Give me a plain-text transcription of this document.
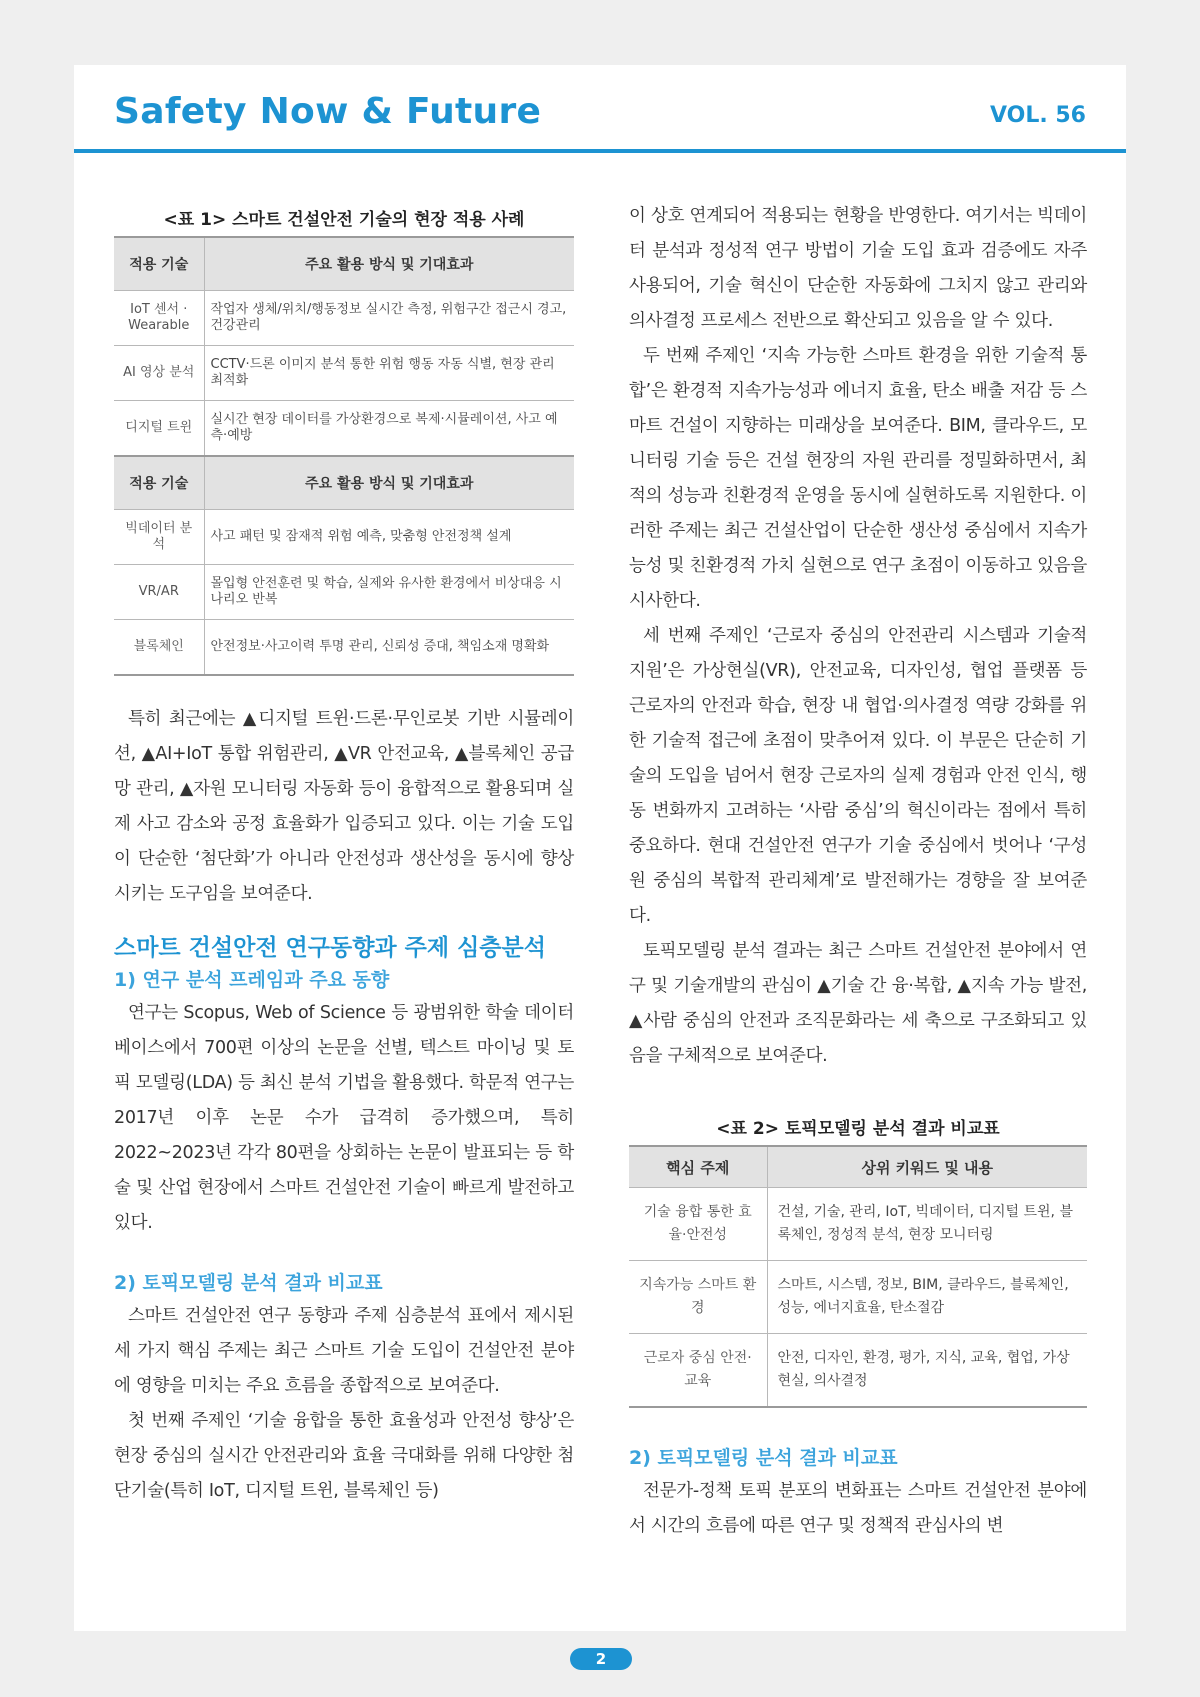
Safety Now & Future	VOL. 56
<표 1> 스마트 건설안전 기술의 현장 적용 사례
적용 기술	주요 활용 방식 및 기대효과
IoT 센서 · Wearable	작업자 생체/위치/행동정보 실시간 측정, 위험구간 접근시 경고, 건강관리
AI 영상 분석	CCTV·드론 이미지 분석 통한 위험 행동 자동 식별, 현장 관리 최적화
디지털 트윈	실시간 현장 데이터를 가상환경으로 복제·시뮬레이션, 사고 예측·예방
적용 기술	주요 활용 방식 및 기대효과
빅데이터 분석	사고 패턴 및 잠재적 위험 예측, 맞춤형 안전정책 설계
VR/AR	몰입형 안전훈련 및 학습, 실제와 유사한 환경에서 비상대응 시나리오 반복
블록체인	안전정보·사고이력 투명 관리, 신뢰성 증대, 책임소재 명확화

특히 최근에는 ▲디지털 트윈·드론·무인로봇 기반 시뮬레이션, ▲AI+IoT 통합 위험관리, ▲VR 안전교육, ▲블록체인 공급망 관리, ▲자원 모니터링 자동화 등이 융합적으로 활용되며 실제 사고 감소와 공정 효율화가 입증되고 있다. 이는 기술 도입이 단순한 ‘첨단화’가 아니라 안전성과 생산성을 동시에 향상시키는 도구임을 보여준다.

스마트 건설안전 연구동향과 주제 심층분석
1) 연구 분석 프레임과 주요 동향

연구는 Scopus, Web of Science 등 광범위한 학술 데이터베이스에서 700편 이상의 논문을 선별, 텍스트 마이닝 및 토픽 모델링(LDA) 등 최신 분석 기법을 활용했다. 학문적 연구는 2017년 이후 논문 수가 급격히 증가했으며, 특히 2022~2023년 각각 80편을 상회하는 논문이 발표되는 등 학술 및 산업 현장에서 스마트 건설안전 기술이 빠르게 발전하고 있다.

2) 토픽모델링 분석 결과 비교표

스마트 건설안전 연구 동향과 주제 심층분석 표에서 제시된 세 가지 핵심 주제는 최근 스마트 기술 도입이 건설안전 분야에 영향을 미치는 주요 흐름을 종합적으로 보여준다.

첫 번째 주제인 ‘기술 융합을 통한 효율성과 안전성 향상’은 현장 중심의 실시간 안전관리와 효율 극대화를 위해 다양한 첨단기술(특히 IoT, 디지털 트윈, 블록체인 등)

이 상호 연계되어 적용되는 현황을 반영한다. 여기서는 빅데이터 분석과 정성적 연구 방법이 기술 도입 효과 검증에도 자주 사용되어, 기술 혁신이 단순한 자동화에 그치지 않고 관리와 의사결정 프로세스 전반으로 확산되고 있음을 알 수 있다.

두 번째 주제인 ‘지속 가능한 스마트 환경을 위한 기술적 통합’은 환경적 지속가능성과 에너지 효율, 탄소 배출 저감 등 스마트 건설이 지향하는 미래상을 보여준다. BIM, 클라우드, 모니터링 기술 등은 건설 현장의 자원 관리를 정밀화하면서, 최적의 성능과 친환경적 운영을 동시에 실현하도록 지원한다. 이러한 주제는 최근 건설산업이 단순한 생산성 중심에서 지속가능성 및 친환경적 가치 실현으로 연구 초점이 이동하고 있음을 시사한다.

세 번째 주제인 ‘근로자 중심의 안전관리 시스템과 기술적 지원’은 가상현실(VR), 안전교육, 디자인성, 협업 플랫폼 등 근로자의 안전과 학습, 현장 내 협업·의사결정 역량 강화를 위한 기술적 접근에 초점이 맞추어져 있다. 이 부문은 단순히 기술의 도입을 넘어서 현장 근로자의 실제 경험과 안전 인식, 행동 변화까지 고려하는 ‘사람 중심’의 혁신이라는 점에서 특히 중요하다. 현대 건설안전 연구가 기술 중심에서 벗어나 ‘구성원 중심의 복합적 관리체계’로 발전해가는 경향을 잘 보여준다.

토픽모델링 분석 결과는 최근 스마트 건설안전 분야에서 연구 및 기술개발의 관심이 ▲기술 간 융·복합, ▲지속 가능 발전, ▲사람 중심의 안전과 조직문화라는 세 축으로 구조화되고 있음을 구체적으로 보여준다.

<표 2> 토픽모델링 분석 결과 비교표
핵심 주제	상위 키워드 및 내용
기술 융합 통한 효율·안전성	건설, 기술, 관리, IoT, 빅데이터, 디지털 트윈, 블록체인, 정성적 분석, 현장 모니터링
지속가능 스마트 환경	스마트, 시스템, 정보, BIM, 클라우드, 블록체인, 성능, 에너지효율, 탄소절감
근로자 중심 안전·교육	안전, 디자인, 환경, 평가, 지식, 교육, 협업, 가상현실, 의사결정
2) 토픽모델링 분석 결과 비교표

전문가-정책 토픽 분포의 변화표는 스마트 건설안전 분야에서 시간의 흐름에 따른 연구 및 정책적 관심사의 변

2
